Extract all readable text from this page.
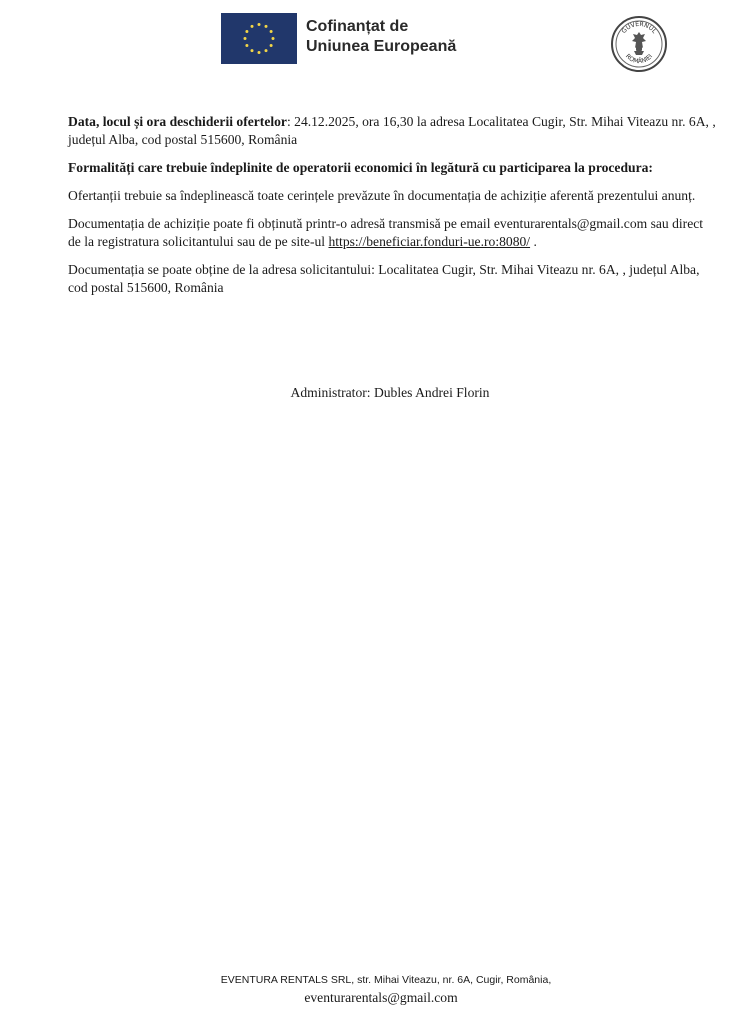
Cofinanțat de
Uniunea Europeană
GUVERNUL
ROMÂNIEI

Data, locul și ora deschiderii ofertelor: 24.12.2025, ora 16,30 la adresa Localitatea Cugir, Str. Mihai Viteazu nr. 6A, , județul Alba, cod postal 515600, România

Formalități care trebuie îndeplinite de operatorii economici în legătură cu participarea la procedura:

Ofertanții trebuie sa îndeplinească toate cerințele prevăzute în documentația de achiziție aferentă prezentului anunț.

Documentația de achiziție poate fi obținută printr-o adresă transmisă pe email eventurarentals@gmail.com sau direct de la registratura solicitantului sau de pe site-ul https://beneficiar.fonduri-ue.ro:8080/ .

Documentația se poate obține de la adresa solicitantului: Localitatea Cugir, Str. Mihai Viteazu nr. 6A, , județul Alba, cod postal 515600, România

Administrator: Dubles Andrei Florin
EVENTURA RENTALS SRL, str. Mihai Viteazu, nr. 6A, Cugir, România,
eventurarentals@gmail.com
